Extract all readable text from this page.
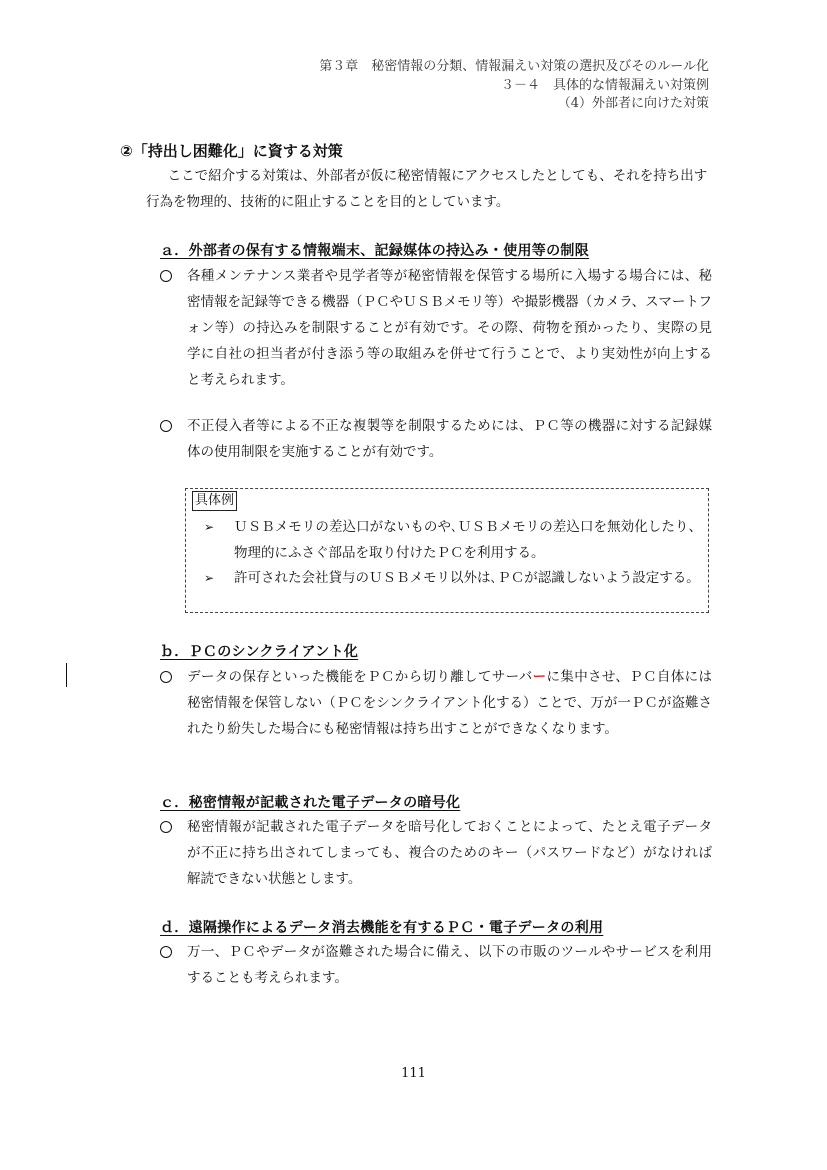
第３章　秘密情報の分類、情報漏えい対策の選択及びそのルール化
３－４　具体的な情報漏えい対策例
（4）外部者に向けた対策
②「持出し困難化」に資する対策
ここで紹介する対策は、外部者が仮に秘密情報にアクセスしたとしても、それを持ち出す行為を物理的、技術的に阻止することを目的としています。
ａ．外部者の保有する情報端末、記録媒体の持込み・使用等の制限
各種メンテナンス業者や見学者等が秘密情報を保管する場所に入場する場合には、秘密情報を記録等できる機器（ＰＣやＵＳＢメモリ等）や撮影機器（カメラ、スマートフォン等）の持込みを制限することが有効です。その際、荷物を預かったり、実際の見学に自社の担当者が付き添う等の取組みを併せて行うことで、より実効性が向上すると考えられます。
不正侵入者等による不正な複製等を制限するためには、ＰＣ等の機器に対する記録媒体の使用制限を実施することが有効です。
具体例
➢ ＵＳＢメモリの差込口がないものや､ＵＳＢメモリの差込口を無効化したり、物理的にふさぐ部品を取り付けたＰＣを利用する。
➢ 許可された会社貸与のＵＳＢメモリ以外は､ＰＣが認識しないよう設定する。
ｂ．ＰＣのシンクライアント化
データの保存といった機能をＰＣから切り離してサーバーに集中させ、ＰＣ自体には秘密情報を保管しない（ＰＣをシンクライアント化する）ことで、万が一ＰＣが盗難されたり紛失した場合にも秘密情報は持ち出すことができなくなります。
ｃ．秘密情報が記載された電子データの暗号化
秘密情報が記載された電子データを暗号化しておくことによって、たとえ電子データが不正に持ち出されてしまっても、複合のためのキー（パスワードなど）がなければ解読できない状態とします。
ｄ．遠隔操作によるデータ消去機能を有するＰＣ・電子データの利用
万一、ＰＣやデータが盗難された場合に備え、以下の市販のツールやサービスを利用することも考えられます。
111
